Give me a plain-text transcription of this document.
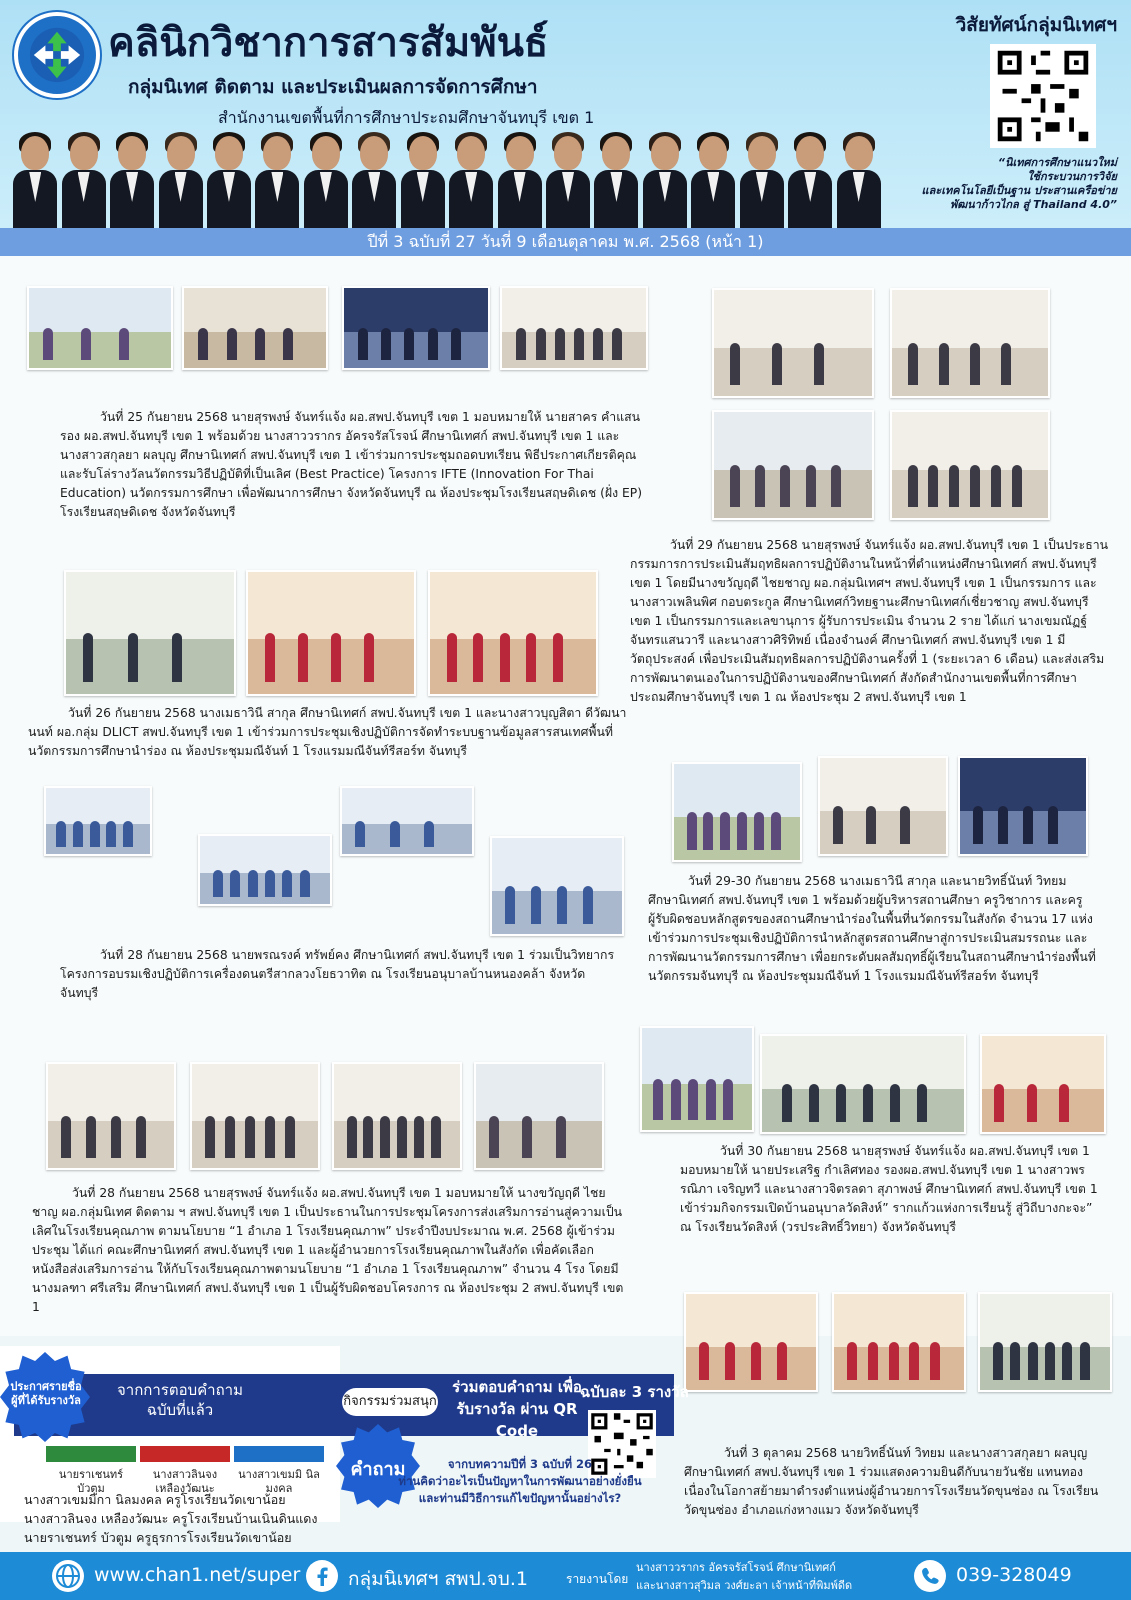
คลินิกวิชาการสารสัมพันธ์
กลุ่มนิเทศ ติดตาม และประเมินผลการจัดการศึกษา
สำนักงานเขตพื้นที่การศึกษาประถมศึกษาจันทบุรี เขต 1
วิสัยทัศน์กลุ่มนิเทศฯ
“นิเทศการศึกษาแนวใหม่
ใช้กระบวนการวิจัย
และเทคโนโลยีเป็นฐาน ประสานเครือข่าย
พัฒนาก้าวไกล สู่ Thailand 4.0”
ปีที่ 3 ฉบับที่ 27 วันที่ 9 เดือนตุลาคม พ.ศ. 2568 (หน้า 1)
วันที่ 25 กันยายน 2568 นายสุรพงษ์ จันทร์แจ้ง ผอ.สพป.จันทบุรี เขต 1 มอบหมายให้ นายสาคร คำแสน รอง ผอ.สพป.จันทบุรี เขต 1 พร้อมด้วย นางสาววรากร อัครจรัสโรจน์ ศึกษานิเทศก์ สพป.จันทบุรี เขต 1 และนางสาวสกุลยา ผลบุญ ศึกษานิเทศก์ สพป.จันทบุรี เขต 1 เข้าร่วมการประชุมถอดบทเรียน พิธีประกาศเกียรติคุณ และรับโล่รางวัลนวัตกรรมวิธีปฏิบัติที่เป็นเลิศ (Best Practice) โครงการ IFTE (Innovation For Thai Education) นวัตกรรมการศึกษา เพื่อพัฒนาการศึกษา จังหวัดจันทบุรี ณ ห้องประชุมโรงเรียนสฤษดิเดช (ฝั่ง EP) โรงเรียนสฤษดิเดช จังหวัดจันทบุรี
วันที่ 29 กันยายน 2568 นายสุรพงษ์ จันทร์แจ้ง ผอ.สพป.จันทบุรี เขต 1 เป็นประธานกรรมการการประเมินสัมฤทธิผลการปฏิบัติงานในหน้าที่ตำแหน่งศึกษานิเทศก์ สพป.จันทบุรี เขต 1 โดยมีนางขวัญฤดี ไชยชาญ ผอ.กลุ่มนิเทศฯ สพป.จันทบุรี เขต 1 เป็นกรรมการ และนางสาวเพลินพิศ กอบตระกูล ศึกษานิเทศก์วิทยฐานะศึกษานิเทศก์เชี่ยวชาญ สพป.จันทบุรี เขต 1 เป็นกรรมการและเลขานุการ ผู้รับการประเมิน จำนวน 2 ราย ได้แก่ นางเขมณัฏฐ์ จันทรแสนวารี และนางสาวศิริทิพย์ เนื่องจำนงค์ ศึกษานิเทศก์ สพป.จันทบุรี เขต 1 มีวัตถุประสงค์ เพื่อประเมินสัมฤทธิผลการปฏิบัติงานครั้งที่ 1 (ระยะเวลา 6 เดือน) และส่งเสริมการพัฒนาตนเองในการปฏิบัติงานของศึกษานิเทศก์ สังกัดสำนักงานเขตพื้นที่การศึกษาประถมศึกษาจันทบุรี เขต 1 ณ ห้องประชุม 2 สพป.จันทบุรี เขต 1
วันที่ 26 กันยายน 2568 นางเมธาวินี สากุล ศึกษานิเทศก์ สพป.จันทบุรี เขต 1 และนางสาวบุญสิตา ดีวัฒนานนท์ ผอ.กลุ่ม DLICT สพป.จันทบุรี เขต 1 เข้าร่วมการประชุมเชิงปฏิบัติการจัดทำระบบฐานข้อมูลสารสนเทศพื้นที่นวัตกรรมการศึกษานำร่อง ณ ห้องประชุมมณีจันท์ 1 โรงแรมมณีจันท์รีสอร์ท จันทบุรี
วันที่ 29-30 กันยายน 2568 นางเมธาวินี สากุล และนายวิทธิ์นันท์ วิทยม ศึกษานิเทศก์ สพป.จันทบุรี เขต 1 พร้อมด้วยผู้บริหารสถานศึกษา ครูวิชาการ และครูผู้รับผิดชอบหลักสูตรของสถานศึกษานำร่องในพื้นที่นวัตกรรมในสังกัด จำนวน 17 แห่ง เข้าร่วมการประชุมเชิงปฏิบัติการนำหลักสูตรสถานศึกษาสู่การประเมินสมรรถนะ และการพัฒนานวัตกรรมการศึกษา เพื่อยกระดับผลสัมฤทธิ์ผู้เรียนในสถานศึกษานำร่องพื้นที่นวัตกรรมจันทบุรี ณ ห้องประชุมมณีจันท์ 1 โรงแรมมณีจันท์รีสอร์ท จันทบุรี
วันที่ 28 กันยายน 2568 นายพรณรงค์ ทรัพย์คง ศึกษานิเทศก์ สพป.จันทบุรี เขต 1 ร่วมเป็นวิทยากร โครงการอบรมเชิงปฏิบัติการเครื่องดนตรีสากลวงโยธวาทิต ณ โรงเรียนอนุบาลบ้านหนองคล้า จังหวัดจันทบุรี
วันที่ 30 กันยายน 2568 นายสุรพงษ์ จันทร์แจ้ง ผอ.สพป.จันทบุรี เขต 1 มอบหมายให้ นายประเสริฐ กำเลิศทอง รองผอ.สพป.จันทบุรี เขต 1 นางสาวพรรณิภา เจริญทวี และนางสาวจิตรลดา สุภาพงษ์ ศึกษานิเทศก์ สพป.จันทบุรี เขต 1 เข้าร่วมกิจกรรมเปิดบ้านอนุบาลวัดสิงห์” รากแก้วแห่งการเรียนรู้ สู่วิถีบางกะจะ” ณ โรงเรียนวัดสิงห์ (วรประสิทธิ์วิทยา) จังหวัดจันทบุรี
วันที่ 28 กันยายน 2568 นายสุรพงษ์ จันทร์แจ้ง ผอ.สพป.จันทบุรี เขต 1 มอบหมายให้ นางขวัญฤดี ไชยชาญ ผอ.กลุ่มนิเทศ ติดตาม ฯ สพป.จันทบุรี เขต 1 เป็นประธานในการประชุมโครงการส่งเสริมการอ่านสู่ความเป็นเลิศในโรงเรียนคุณภาพ ตามนโยบาย “1 อำเภอ 1 โรงเรียนคุณภาพ” ประจำปีงบประมาณ พ.ศ. 2568 ผู้เข้าร่วมประชุม ได้แก่ คณะศึกษานิเทศก์ สพป.จันทบุรี เขต 1 และผู้อำนวยการโรงเรียนคุณภาพในสังกัด เพื่อคัดเลือกหนังสือส่งเสริมการอ่าน ให้กับโรงเรียนคุณภาพตามนโยบาย “1 อำเภอ 1 โรงเรียนคุณภาพ” จำนวน 4 โรง โดยมีนางมลฑา ศรีเสริม ศึกษานิเทศก์ สพป.จันทบุรี เขต 1 เป็นผู้รับผิดชอบโครงการ ณ ห้องประชุม 2 สพป.จันทบุรี เขต 1
วันที่ 3 ตุลาคม 2568 นายวิทธิ์นันท์ วิทยม และนางสาวสกุลยา ผลบุญ ศึกษานิเทศก์ สพป.จันทบุรี เขต 1 ร่วมแสดงความยินดีกับนายวันชัย แทนทอง เนื่องในโอกาสย้ายมาดำรงตำแหน่งผู้อำนวยการโรงเรียนวัดขุนซ่อง ณ โรงเรียนวัดขุนซ่อง อำเภอแก่งหางแมว จังหวัดจันทบุรี
ประกาศรายชื่อผู้ที่ได้รับรางวัล
จากการตอบคำถาม ฉบับที่แล้ว
นายราเชนทร์ บัวตูม
นางสาวลินจง เหลืองวัฒนะ
นางสาวเขมมิ นิลมงคล
นางสาวเขมมิกา นิลมงคล ครูโรงเรียนวัดเขาน้อย
นางสาวลินจง เหลืองวัฒนะ ครูโรงเรียนบ้านเนินดินแดง
นายราเชนทร์ บัวตูม ครูธุรการโรงเรียนวัดเขาน้อย
กิจกรรมร่วมสนุก
ร่วมตอบคำถาม เพื่อรับรางวัล ผ่าน QR Code
ฉบับละ 3 รางวัล
คำถาม	จากบทความปีที่ 3 ฉบับที่ 26
ท่านคิดว่าอะไรเป็นปัญหาในการพัฒนาอย่างยั่งยืน
และท่านมีวิธีการแก้ไขปัญหานั้นอย่างไร?
www.chan1.net/super	กลุ่มนิเทศฯ สพป.จบ.1	รายงานโดย
นางสาววรากร อัครจรัสโรจน์ ศึกษานิเทศก์
และนางสาวสุวิมล วงศ์ยะลา เจ้าหน้าที่พิมพ์ดีด	039-328049
